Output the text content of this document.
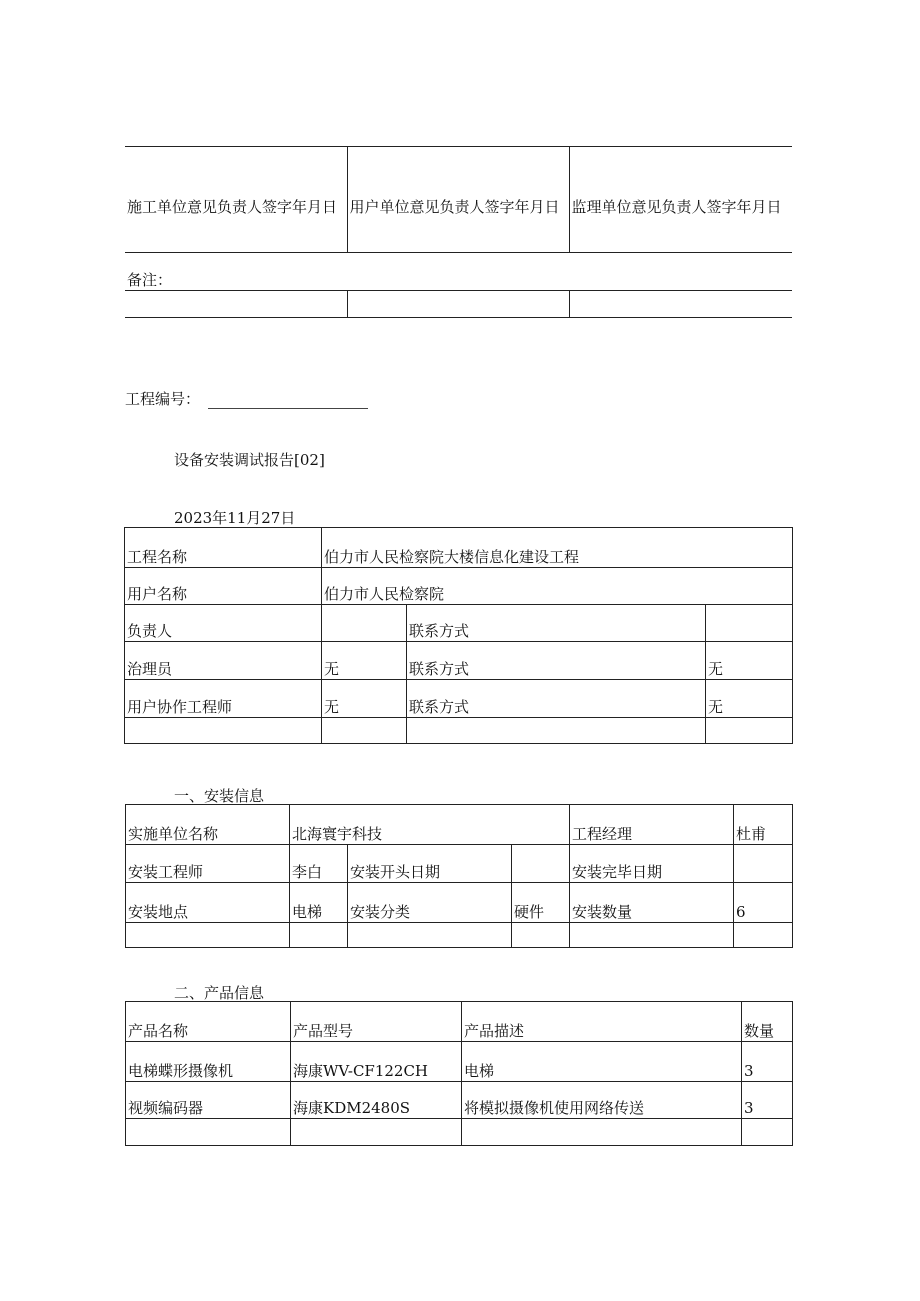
施工单位意见负责人签字年月日	用户单位意见负责人签字年月日	监理单位意见负责人签字年月日
备注：		

工程编号：
设备安装调试报告[02]
2023年11月27日
工程名称	伯力市人民检察院大楼信息化建设工程		
用户名称	伯力市人民检察院		
负责人		联系方式	
治理员	无	联系方式	无
用户协作工程师	无	联系方式	无

一、安装信息
实施单位名称	北海寰宇科技			工程经理	杜甫
安装工程师	李白	安装开头日期		安装完毕日期	
安装地点	电梯	安装分类	硬件	安装数量	6

二、产品信息
产品名称	产品型号	产品描述	数量
电梯蝶形摄像机	海康WV-CF122CH	电梯	3
视频编码器	海康KDM2480S	将模拟摄像机使用网络传送	3
